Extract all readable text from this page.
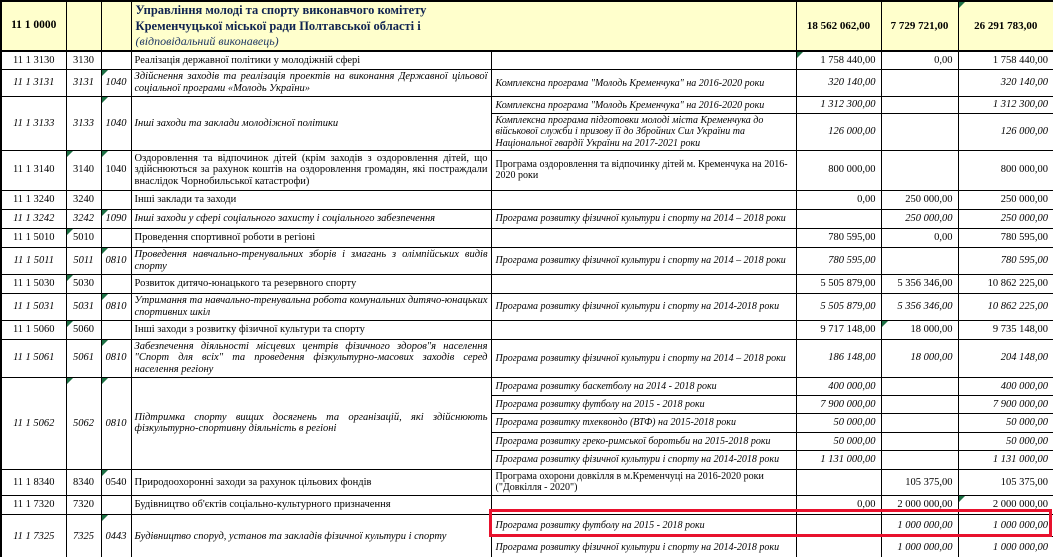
11 1 0000			Управління молоді та спорту виконавчого комітету
Кременчуцької міської ради Полтавської області і
(відповідальний виконавець)		18 562 062,00	7 729 721,00	26 291 783,00
11 1 3130	3130		Реалізація державної політики у молодіжній сфері		1 758 440,00	0,00	1 758 440,00
11 1 3131	3131	1040	Здійснення заходів та реалізація проектів на виконання Державної цільової соціальної програми «Молодь України»	Комплексна програма "Молодь Кременчука" на 2016-2020 роки	320 140,00		320 140,00
11 1 3133	3133	1040	Інші заходи та заклади молодіжної політики	Комплексна програма "Молодь Кременчука" на 2016-2020 роки	1 312 300,00		1 312 300,00
				Комплексна програма підготовки молоді міста Кременчука до військової служби і призову її до Збройних Сил України та Національної гвардії України на 2017-2021 роки	126 000,00		126 000,00
11 1 3140	3140	1040	Оздоровлення та відпочинок дітей (крім заходів з оздоровлення дітей, що здійснюються за рахунок коштів на оздоровлення громадян, які постраждали внаслідок Чорнобильської катастрофи)	Програма оздоровлення та відпочинку дітей м. Кременчука на 2016-2020 роки	800 000,00		800 000,00
11 1 3240	3240		Інші заклади та заходи		0,00	250 000,00	250 000,00
11 1 3242	3242	1090	Інші заходи у сфері соціального захисту і соціального забезпечення	Програма розвитку фізичної культури і спорту на 2014 – 2018 роки		250 000,00	250 000,00
11 1 5010	5010		Проведення спортивної роботи в регіоні		780 595,00	0,00	780 595,00
11 1 5011	5011	0810	Проведення навчально-тренувальних зборів і змагань з олімпійських видів спорту	Програма розвитку фізичної культури і спорту на 2014 – 2018 роки	780 595,00		780 595,00
11 1 5030	5030		Розвиток дитячо-юнацького та резервного спорту		5 505 879,00	5 356 346,00	10 862 225,00
11 1 5031	5031	0810	Утримання та навчально-тренувальна робота комунальних дитячо-юнацьких спортивних шкіл	Програма розвитку фізичної культури і спорту на 2014-2018 роки	5 505 879,00	5 356 346,00	10 862 225,00
11 1 5060	5060		Інші заходи з розвитку фізичної культури та спорту		9 717 148,00	18 000,00	9 735 148,00
11 1 5061	5061	0810	Забезпечення діяльності місцевих центрів фізичного здоров"я населення "Спорт для всіх" та проведення фізкультурно-масових заходів серед населення регіону	Програма розвитку фізичної культури і спорту на 2014 – 2018 роки	186 148,00	18 000,00	204 148,00
11 1 5062	5062	0810	Підтримка спорту вищих досягнень та організацій, які здійснюють фізкультурно-спортивну діяльність в регіоні	Програма розвитку баскетболу на 2014 - 2018 роки	400 000,00		400 000,00
				Програма розвитку футболу на 2015 - 2018 роки	7 900 000,00		7 900 000,00
				Програма розвитку тхеквондо (ВТФ) на 2015-2018 роки	50 000,00		50 000,00
				Програма розвитку греко-римської боротьби на 2015-2018 роки	50 000,00		50 000,00
				Програма розвитку фізичної культури і спорту на 2014-2018 роки	1 131 000,00		1 131 000,00
11 1 8340	8340	0540	Природоохоронні заходи за рахунок цільових фондів	Програма охорони довкілля в м.Кременчуці на 2016-2020 роки ("Довкілля - 2020")		105 375,00	105 375,00
11 1 7320	7320		Будівництво об'єктів соціально-культурного призначення		0,00	2 000 000,00	2 000 000,00
11 1 7325	7325	0443	Будівництво споруд, установ та закладів фізичної культури і спорту	Програма розвитку футболу на 2015 - 2018 роки		1 000 000,00	1 000 000,00
				Програма розвитку фізичної культури і спорту на 2014-2018 роки		1 000 000,00	1 000 000,00
